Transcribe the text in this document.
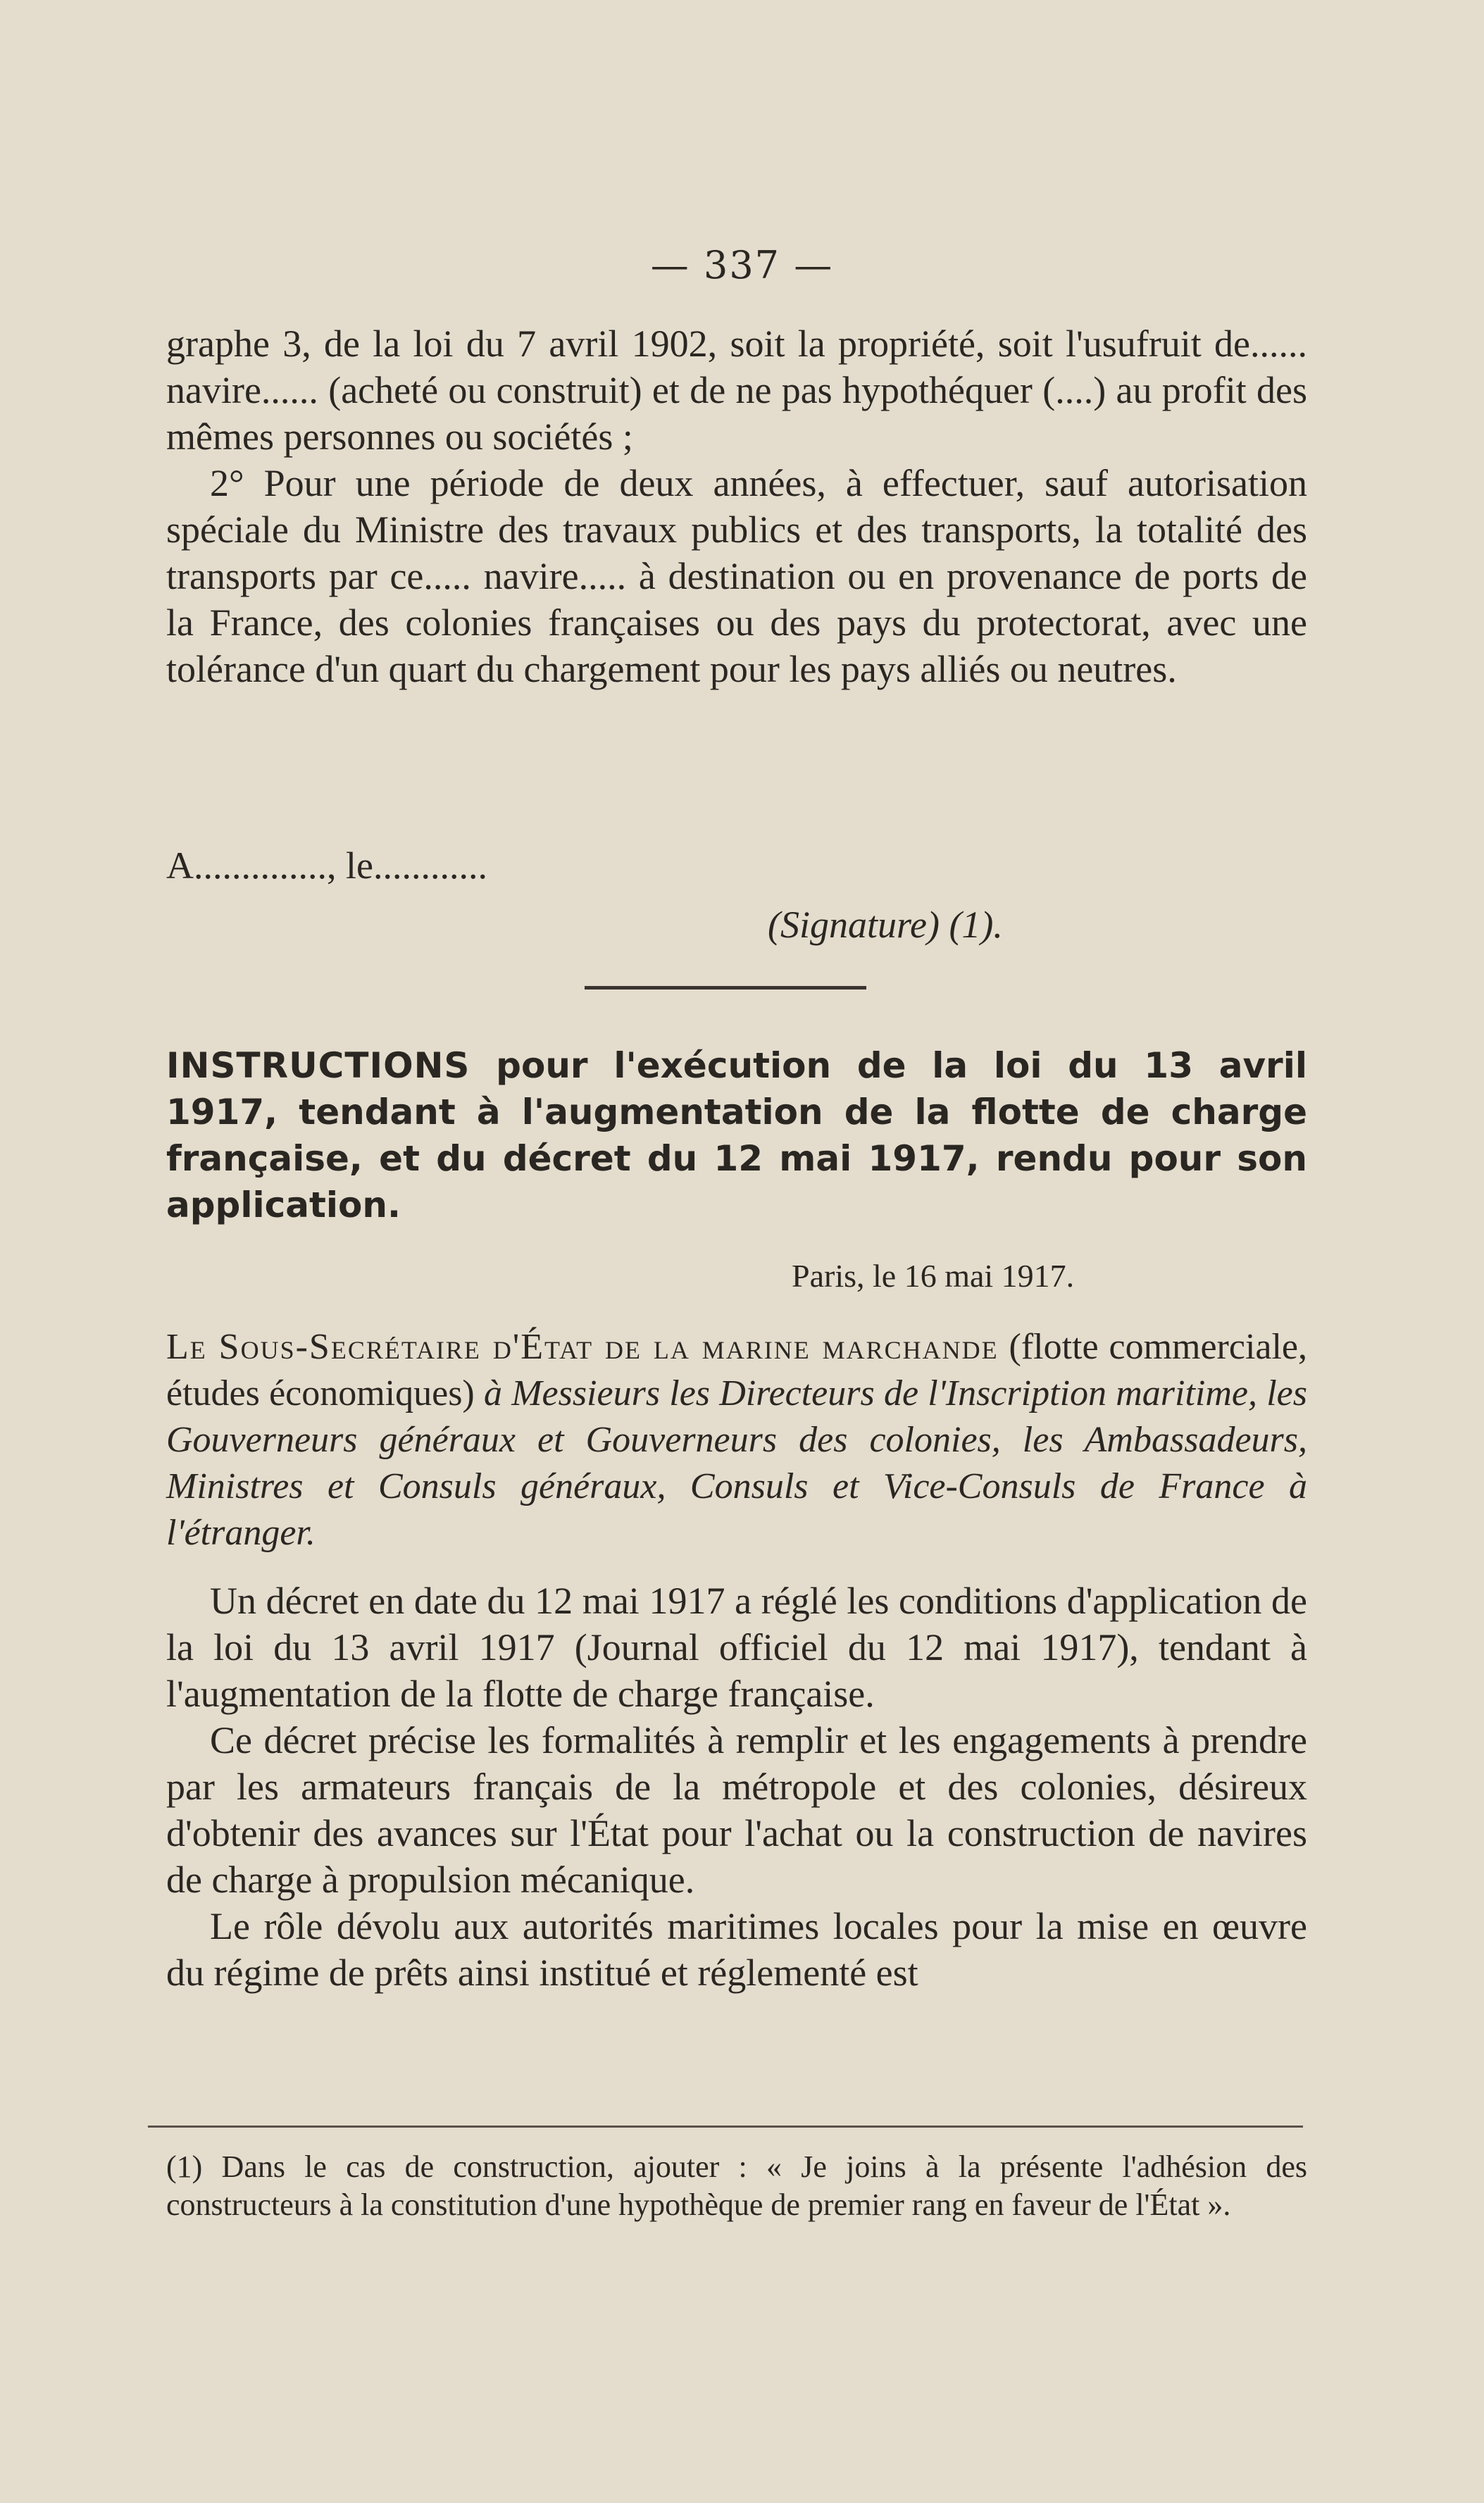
— 337 —

graphe 3, de la loi du 7 avril 1902, soit la propriété, soit l'usufruit de...... navire...... (acheté ou construit) et de ne pas hypothéquer (....) au profit des mêmes personnes ou sociétés ;

2° Pour une période de deux années, à effectuer, sauf autorisation spéciale du Ministre des travaux publics et des transports, la totalité des transports par ce..... navire..... à destination ou en provenance de ports de la France, des colonies françaises ou des pays du protectorat, avec une tolérance d'un quart du chargement pour les pays alliés ou neutres.

A.............., le............
(Signature) (1).
INSTRUCTIONS pour l'exécution de la loi du 13 avril 1917, tendant à l'augmentation de la flotte de charge française, et du décret du 12 mai 1917, rendu pour son application.
Paris, le 16 mai 1917.
Le Sous-Secrétaire d'État de la marine marchande (flotte commerciale, études économiques) à Messieurs les Directeurs de l'Inscription maritime, les Gouverneurs généraux et Gouverneurs des colonies, les Ambassadeurs, Ministres et Consuls généraux, Consuls et Vice-Consuls de France à l'étranger.

Un décret en date du 12 mai 1917 a réglé les conditions d'application de la loi du 13 avril 1917 (Journal officiel du 12 mai 1917), tendant à l'augmentation de la flotte de charge française.

Ce décret précise les formalités à remplir et les engagements à prendre par les armateurs français de la métropole et des colonies, désireux d'obtenir des avances sur l'État pour l'achat ou la construction de navires de charge à propulsion mécanique.

Le rôle dévolu aux autorités maritimes locales pour la mise en œuvre du régime de prêts ainsi institué et réglementé est

(1) Dans le cas de construction, ajouter : « Je joins à la présente l'adhésion des constructeurs à la constitution d'une hypothèque de premier rang en faveur de l'État ».
